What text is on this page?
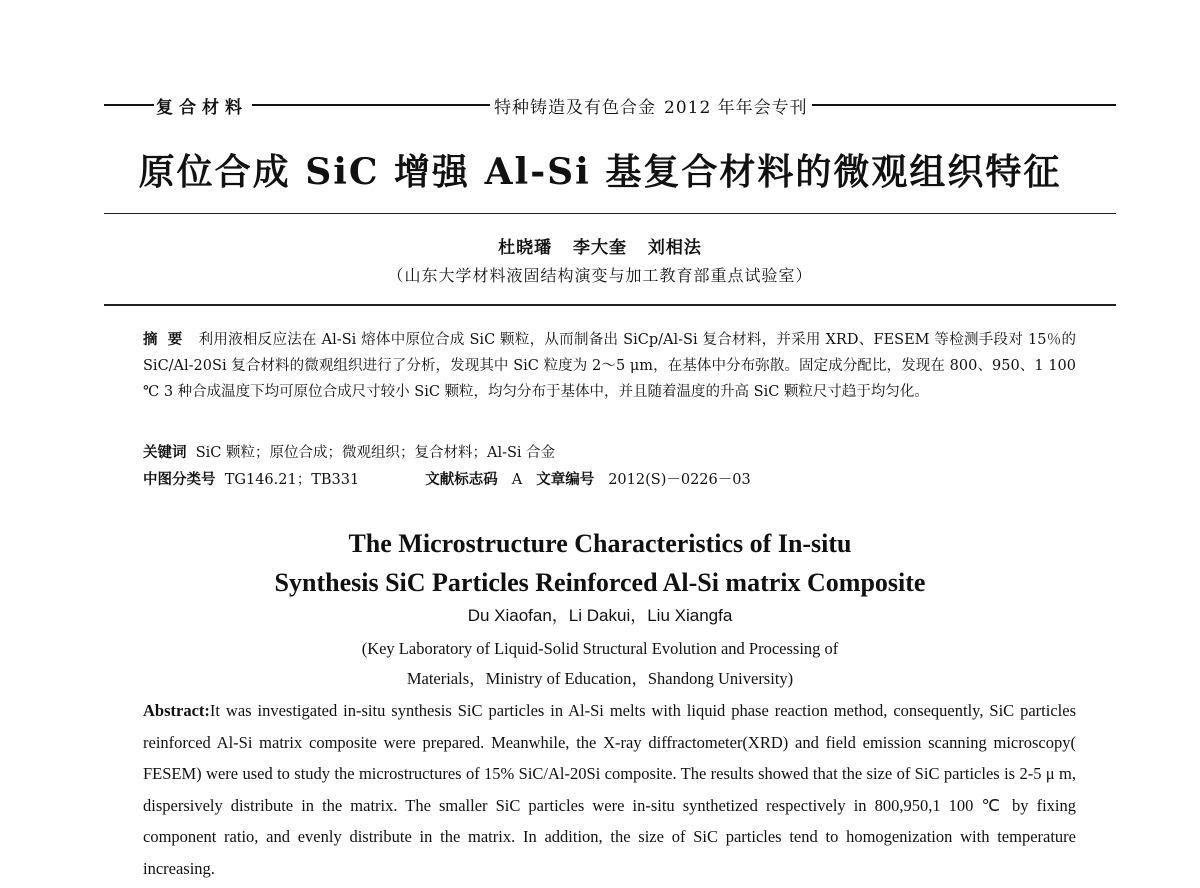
复合材料	特种铸造及有色合金 2012 年年会专刊
原位合成 SiC 增强 Al-Si 基复合材料的微观组织特征
杜晓璠 李大奎 刘相法
（山东大学材料液固结构演变与加工教育部重点试验室）
摘要 利用液相反应法在 Al-Si 熔体中原位合成 SiC 颗粒，从而制备出 SiCp/Al-Si 复合材料，并采用 XRD、FESEM 等检测手段对 15％的 SiC/Al-20Si 复合材料的微观组织进行了分析，发现其中 SiC 粒度为 2～5 μm，在基体中分布弥散。固定成分配比，发现在 800、950、1 100 ℃ 3 种合成温度下均可原位合成尺寸较小 SiC 颗粒，均匀分布于基体中，并且随着温度的升高 SiC 颗粒尺寸趋于均匀化。
关键词 SiC 颗粒；原位合成；微观组织；复合材料；Al-Si 合金
中图分类号 TG146.21；TB331	文献标志码 A 文章编号 2012(S)－0226－03
The Microstructure Characteristics of In-situ
Synthesis SiC Particles Reinforced Al-Si matrix Composite
Du Xiaofan，Li Dakui，Liu Xiangfa
(Key Laboratory of Liquid-Solid Structural Evolution and Processing of
Materials，Ministry of Education，Shandong University)
Abstract:It was investigated in-situ synthesis SiC particles in Al-Si melts with liquid phase reaction method, consequently, SiC particles reinforced Al-Si matrix composite were prepared. Meanwhile, the X-ray diffractometer(XRD) and field emission scanning microscopy( FESEM) were used to study the microstructures of 15% SiC/Al-20Si composite. The results showed that the size of SiC particles is 2-5 μ m, dispersively distribute in the matrix. The smaller SiC particles were in-situ synthetized respectively in 800,950,1 100 ℃ by fixing component ratio, and evenly distribute in the matrix. In addition, the size of SiC particles tend to homogenization with temperature increasing.
